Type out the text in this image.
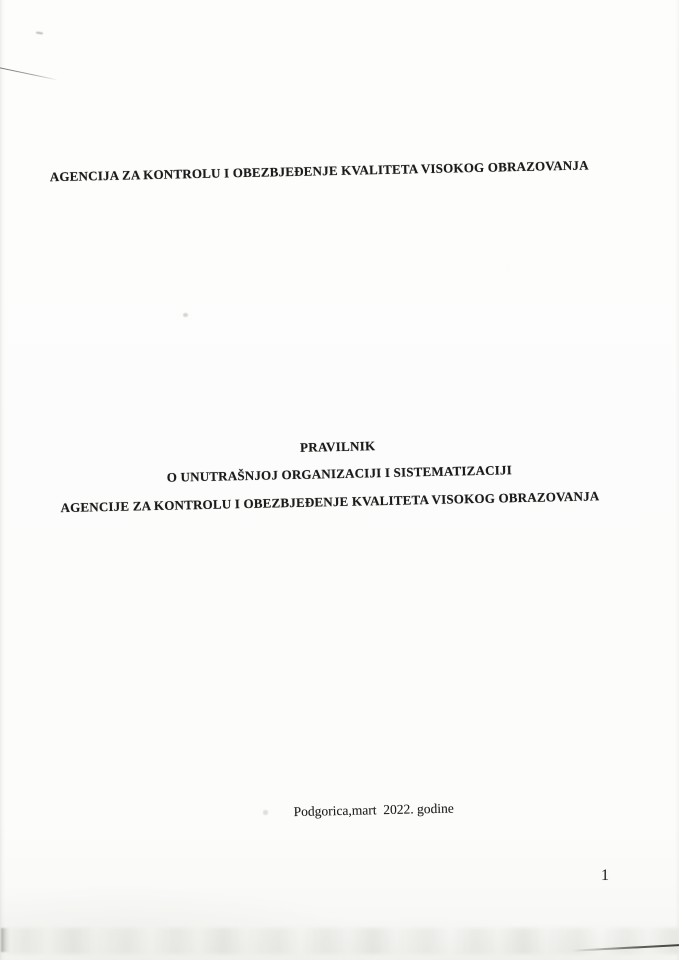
AGENCIJA ZA KONTROLU I OBEZBJEĐENJE KVALITETA VISOKOG OBRAZOVANJA
PRAVILNIK
O UNUTRAŠNJOJ ORGANIZACIJI I SISTEMATIZACIJI
AGENCIJE ZA KONTROLU I OBEZBJEĐENJE KVALITETA VISOKOG OBRAZOVANJA
Podgorica,mart  2022. godine
1
